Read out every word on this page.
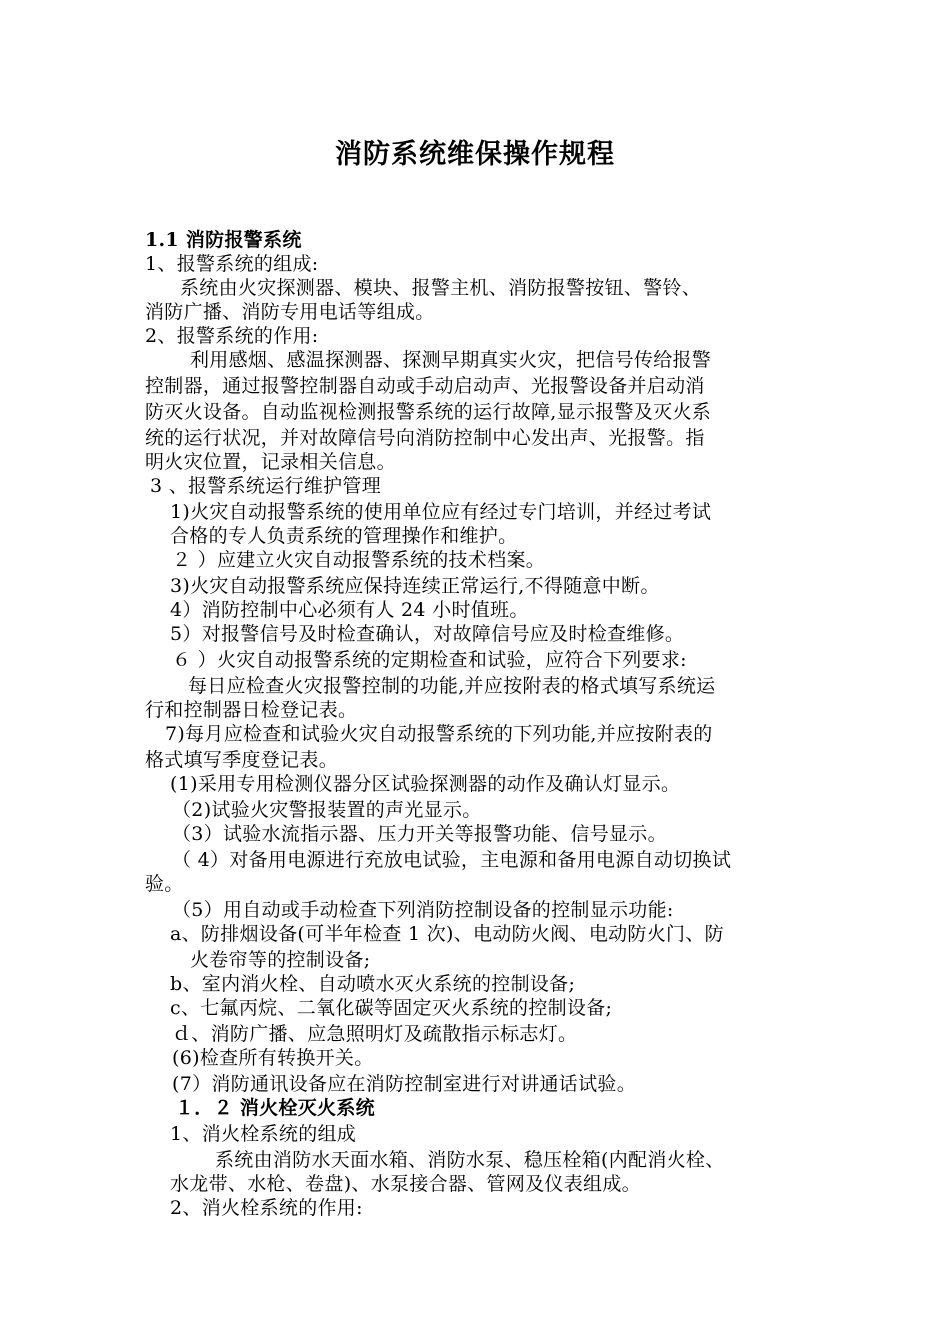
消防系统维保操作规程
1.1 消防报警系统
1、报警系统的组成:
系统由火灾探测器、模块、报警主机、消防报警按钮、警铃、
消防广播、消防专用电话等组成。
2、报警系统的作用:
利用感烟、感温探测器、探测早期真实火灾，把信号传给报警
控制器，通过报警控制器自动或手动启动声、光报警设备并启动消
防灭火设备。自动监视检测报警系统的运行故障,显示报警及灭火系
统的运行状况，并对故障信号向消防控制中心发出声、光报警。指
明火灾位置，记录相关信息。
3 、报警系统运行维护管理
1)火灾自动报警系统的使用单位应有经过专门培训，并经过考试
合格的专人负责系统的管理操作和维护。
２ ）应建立火灾自动报警系统的技术档案。
3)火灾自动报警系统应保持连续正常运行,不得随意中断。
4）消防控制中心必须有人 24 小时值班。
5）对报警信号及时检查确认，对故障信号应及时检查维修。
６ ）火灾自动报警系统的定期检查和试验，应符合下列要求:
每日应检查火灾报警控制的功能,并应按附表的格式填写系统运
行和控制器日检登记表。
7)每月应检查和试验火灾自动报警系统的下列功能,并应按附表的
格式填写季度登记表。
(1)采用专用检测仪器分区试验探测器的动作及确认灯显示。
（2)试验火灾警报装置的声光显示。
（3）试验水流指示器、压力开关等报警功能、信号显示。
（ 4）对备用电源进行充放电试验，主电源和备用电源自动切换试
验。
（5）用自动或手动检查下列消防控制设备的控制显示功能:
a、防排烟设备(可半年检查 1 次)、电动防火阀、电动防火门、防
火卷帘等的控制设备;
b、室内消火栓、自动喷水灭火系统的控制设备;
c、七氟丙烷、二氧化碳等固定灭火系统的控制设备;
ｄ、消防广播、应急照明灯及疏散指示标志灯。
(6)检查所有转换开关。
(7）消防通讯设备应在消防控制室进行对讲通话试验。
１．２ 消火栓灭火系统
1、消火栓系统的组成
系统由消防水天面水箱、消防水泵、稳压栓箱(内配消火栓、
水龙带、水枪、卷盘)、水泵接合器、管网及仪表组成。
2、消火栓系统的作用:
